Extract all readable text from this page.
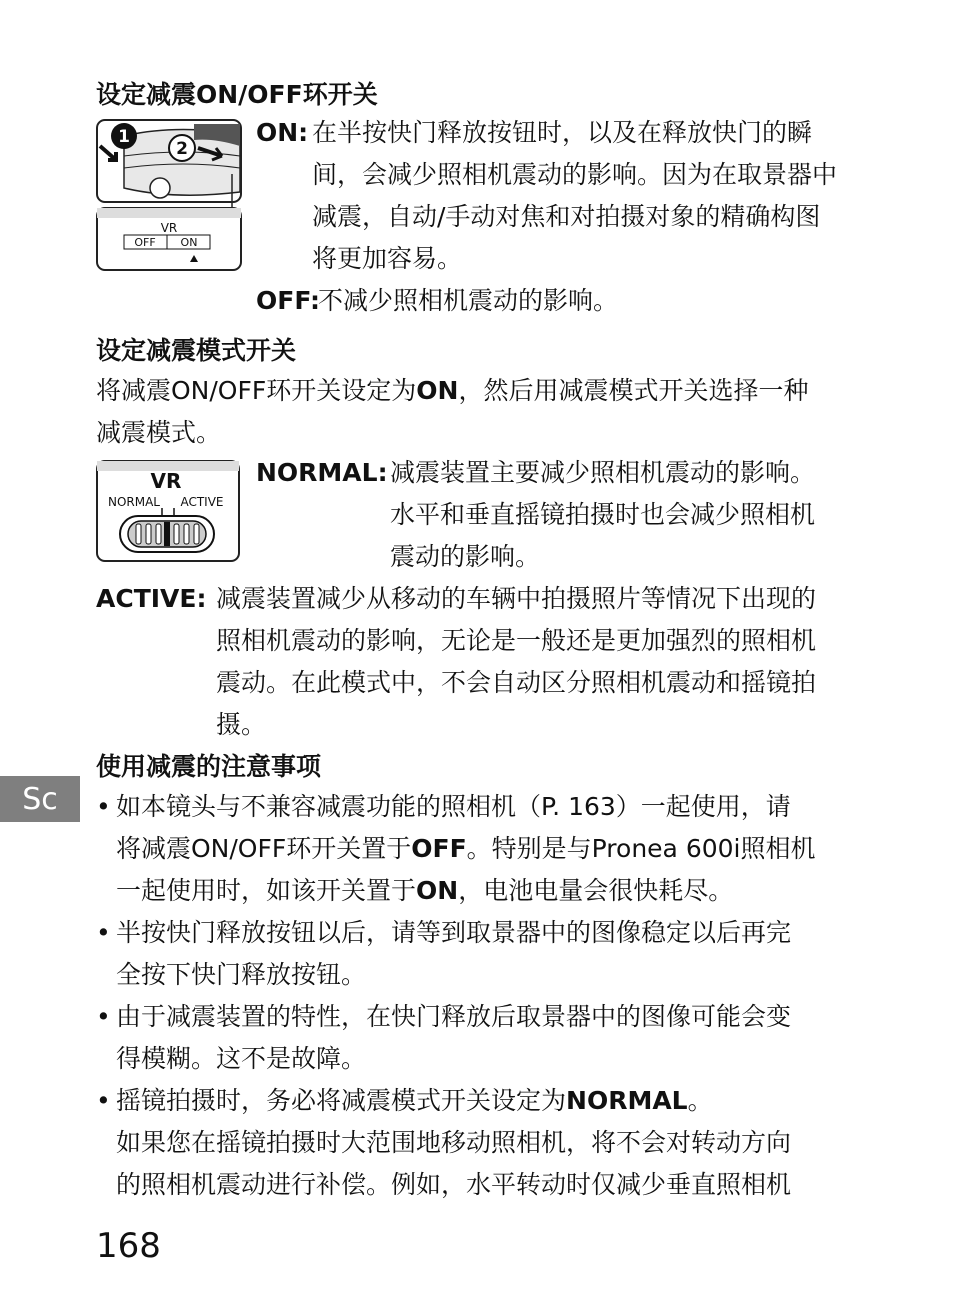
设定减震ON/OFF环开关
1
2
VR
OFF ON
ON: 在半按快门释放按钮时，以及在释放快门的瞬
间，会减少照相机震动的影响。因为在取景器中
减震，自动/手动对焦和对拍摄对象的精确构图
将更加容易。
OFF:
不减少照相机震动的影响。
设定减震模式开关
将减震ON/OFF环开关设定为ON，然后用减震模式开关选择一种
减震模式。
VR
NORMAL ACTIVE
NORMAL: 减震装置主要减少照相机震动的影响。
水平和垂直摇镜拍摄时也会减少照相机
震动的影响。
ACTIVE: 减震装置减少从移动的车辆中拍摄照片等情况下出现的
照相机震动的影响，无论是一般还是更加强烈的照相机
震动。在此模式中，不会自动区分照相机震动和摇镜拍
摄。
使用减震的注意事项
Sc	• 如本镜头与不兼容减震功能的照相机（P. 163）一起使用，请
将减震ON/OFF环开关置于OFF。特别是与Pronea 600i照相机
一起使用时，如该开关置于ON，电池电量会很快耗尽。
• 半按快门释放按钮以后，请等到取景器中的图像稳定以后再完
全按下快门释放按钮。
• 由于减震装置的特性，在快门释放后取景器中的图像可能会变
得模糊。这不是故障。
• 摇镜拍摄时，务必将减震模式开关设定为NORMAL。
如果您在摇镜拍摄时大范围地移动照相机，将不会对转动方向
的照相机震动进行补偿。例如，水平转动时仅减少垂直照相机
168
